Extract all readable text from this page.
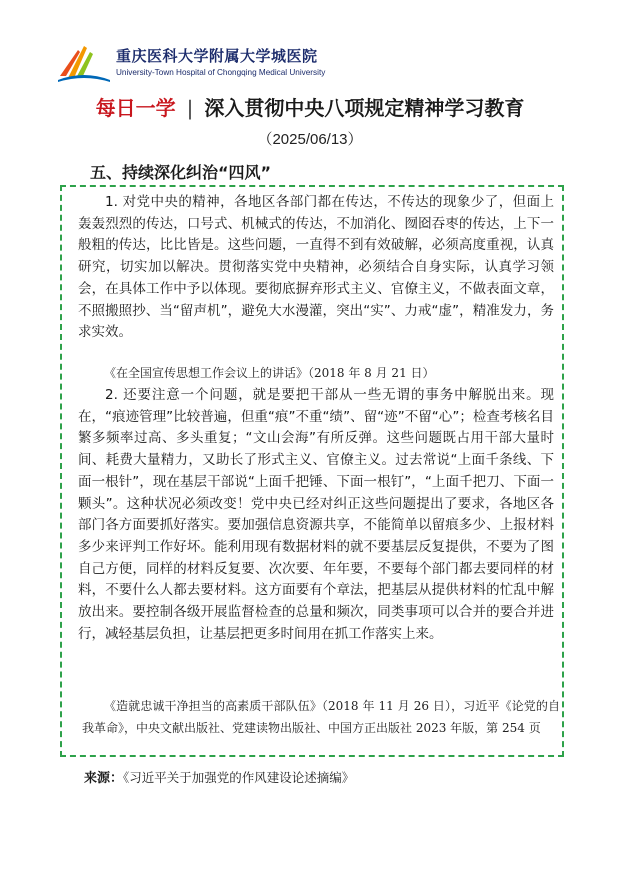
重庆医科大学附属大学城医院
University-Town Hospital of Chongqing Medical University
每日一学 | 深入贯彻中央八项规定精神学习教育
（2025/06/13）
五、持续深化纠治“四风”
1. 对党中央的精神，各地区各部门都在传达，不传达的现象少了，但面上轰轰烈烈的传达，口号式、机械式的传达，不加消化、囫囵吞枣的传达，上下一般粗的传达，比比皆是。这些问题，一直得不到有效破解，必须高度重视，认真研究，切实加以解决。贯彻落实党中央精神，必须结合自身实际，认真学习领会，在具体工作中予以体现。要彻底摒弃形式主义、官僚主义，不做表面文章，不照搬照抄、当“留声机”，避免大水漫灌，突出“实”、力戒“虚”，精准发力，务求实效。
《在全国宣传思想工作会议上的讲话》（2018 年 8 月 21 日）
2. 还要注意一个问题，就是要把干部从一些无谓的事务中解脱出来。现在，“痕迹管理”比较普遍，但重“痕”不重“绩”、留“迹”不留“心”；检查考核名目繁多频率过高、多头重复；“文山会海”有所反弹。这些问题既占用干部大量时间、耗费大量精力，又助长了形式主义、官僚主义。过去常说“上面千条线、下面一根针”，现在基层干部说“上面千把锤、下面一根钉”，“上面千把刀、下面一颗头”。这种状况必须改变！党中央已经对纠正这些问题提出了要求，各地区各部门各方面要抓好落实。要加强信息资源共享，不能简单以留痕多少、上报材料多少来评判工作好坏。能利用现有数据材料的就不要基层反复提供，不要为了图自己方便，同样的材料反复要、次次要、年年要，不要每个部门都去要同样的材料，不要什么人都去要材料。这方面要有个章法，把基层从提供材料的忙乱中解放出来。要控制各级开展监督检查的总量和频次，同类事项可以合并的要合并进行，减轻基层负担，让基层把更多时间用在抓工作落实上来。
《造就忠诚干净担当的高素质干部队伍》（2018 年 11 月 26 日），习近平《论党的自我革命》，中央文献出版社、党建读物出版社、中国方正出版社 2023 年版，第 254 页
来源：《习近平关于加强党的作风建设论述摘编》
